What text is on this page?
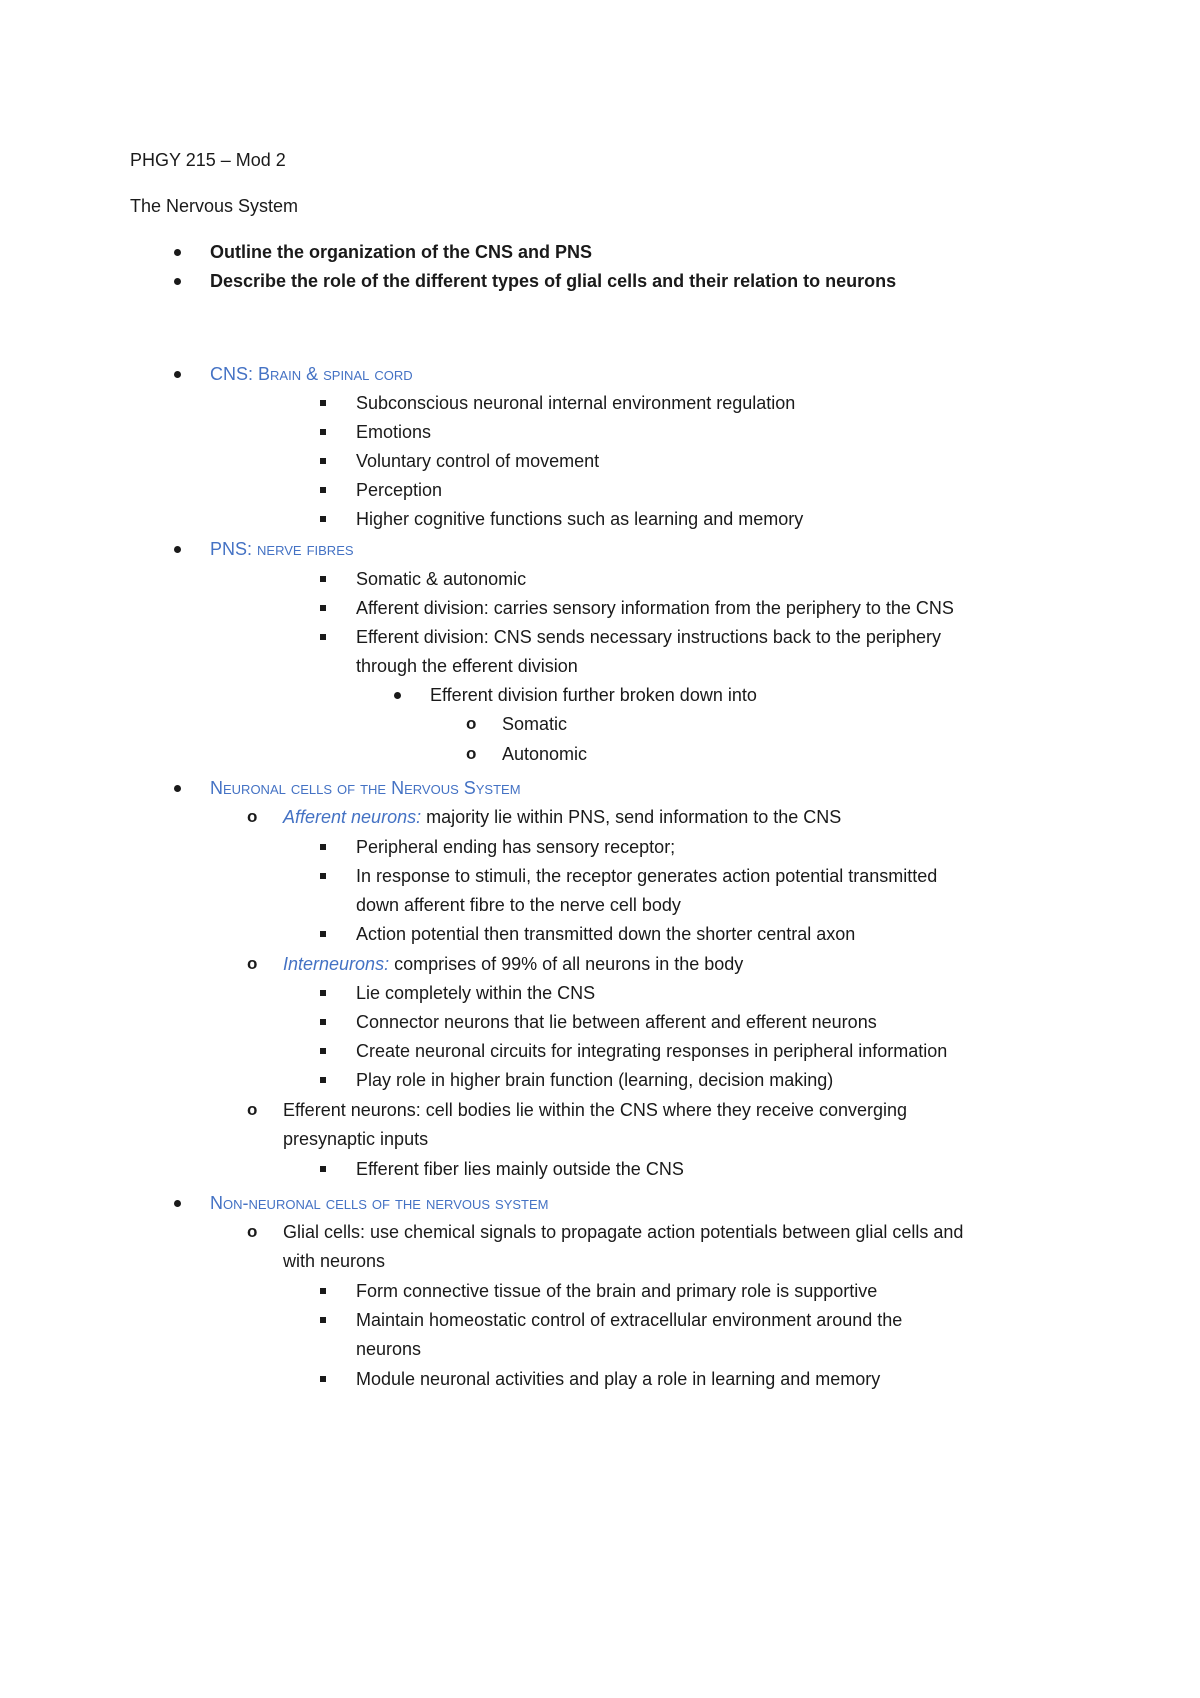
PHGY 215 – Mod 2
The Nervous System
Outline the organization of the CNS and PNS
Describe the role of the different types of glial cells and their relation to neurons
CNS: Brain & spinal cord
Subconscious neuronal internal environment regulation
Emotions
Voluntary control of movement
Perception
Higher cognitive functions such as learning and memory
PNS: nerve fibres
Somatic & autonomic
Afferent division: carries sensory information from the periphery to the CNS
Efferent division: CNS sends necessary instructions back to the periphery
through the efferent division
Efferent division further broken down into
o Somatic
o Autonomic
Neuronal cells of the Nervous System
o Afferent neurons: majority lie within PNS, send information to the CNS
Peripheral ending has sensory receptor;
In response to stimuli, the receptor generates action potential transmitted
down afferent fibre to the nerve cell body
Action potential then transmitted down the shorter central axon
o Interneurons: comprises of 99% of all neurons in the body
Lie completely within the CNS
Connector neurons that lie between afferent and efferent neurons
Create neuronal circuits for integrating responses in peripheral information
Play role in higher brain function (learning, decision making)
o Efferent neurons: cell bodies lie within the CNS where they receive converging
presynaptic inputs
Efferent fiber lies mainly outside the CNS
Non-neuronal cells of the nervous system
o Glial cells: use chemical signals to propagate action potentials between glial cells and
with neurons
Form connective tissue of the brain and primary role is supportive
Maintain homeostatic control of extracellular environment around the
neurons
Module neuronal activities and play a role in learning and memory
